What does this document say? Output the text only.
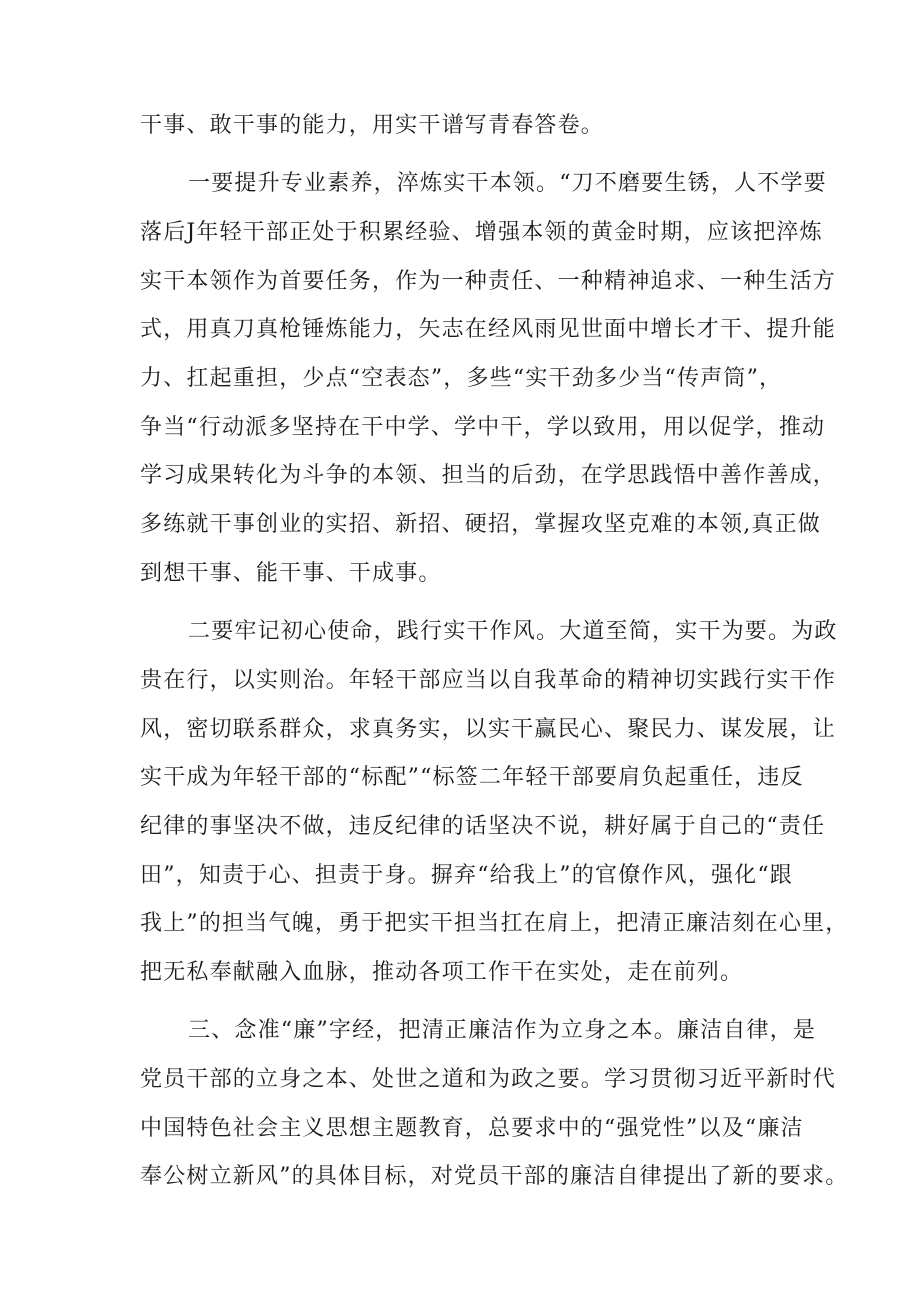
干事、敢干事的能力，用实干谱写青春答卷。
一要提升专业素养，淬炼实干本领。“刀不磨要生锈，人不学要
落后J年轻干部正处于积累经验、增强本领的黄金时期，应该把淬炼
实干本领作为首要任务，作为一种责任、一种精神追求、一种生活方
式，用真刀真枪锤炼能力，矢志在经风雨见世面中增长才干、提升能
力、扛起重担，少点“空表态”，多些“实干劲多少当“传声筒”，
争当“行动派多坚持在干中学、学中干，学以致用，用以促学，推动
学习成果转化为斗争的本领、担当的后劲，在学思践悟中善作善成，
多练就干事创业的实招、新招、硬招，掌握攻坚克难的本领,真正做
到想干事、能干事、干成事。
二要牢记初心使命，践行实干作风。大道至简，实干为要。为政
贵在行，以实则治。年轻干部应当以自我革命的精神切实践行实干作
风，密切联系群众，求真务实，以实干赢民心、聚民力、谋发展，让
实干成为年轻干部的“标配”“标签二年轻干部要肩负起重任，违反
纪律的事坚决不做，违反纪律的话坚决不说，耕好属于自己的“责任
田”，知责于心、担责于身。摒弃“给我上”的官僚作风，强化“跟
我上”的担当气魄，勇于把实干担当扛在肩上，把清正廉洁刻在心里，
把无私奉献融入血脉，推动各项工作干在实处，走在前列。
三、念准“廉”字经，把清正廉洁作为立身之本。廉洁自律，是
党员干部的立身之本、处世之道和为政之要。学习贯彻习近平新时代
中国特色社会主义思想主题教育，总要求中的“强党性”以及“廉洁
奉公树立新风”的具体目标，对党员干部的廉洁自律提出了新的要求。
